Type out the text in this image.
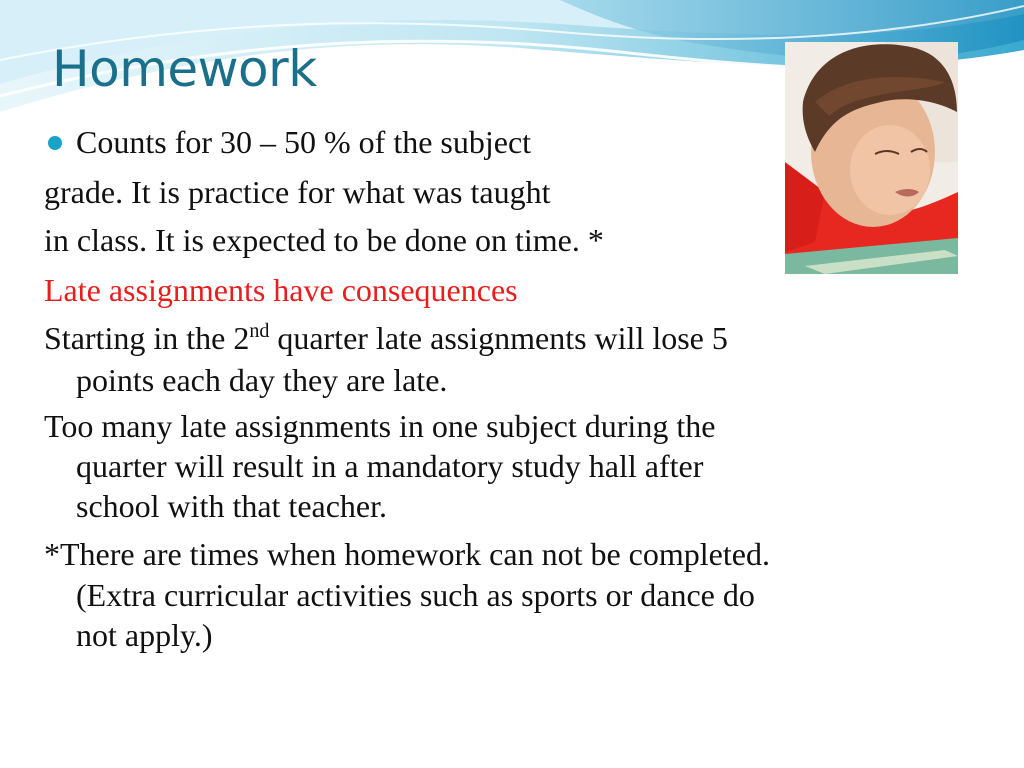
Homework

Counts for 30 – 50 % of the subject

grade. It is practice for what was taught

in class. It is expected to be done on time. *

Late assignments have consequences

Starting in the 2nd quarter late assignments will lose 5

points each day they are late.

Too many late assignments in one subject during the

quarter will result in a mandatory study hall after

school with that teacher.

*There are times when homework can not be completed.

(Extra curricular activities such as sports or dance do

not apply.)
